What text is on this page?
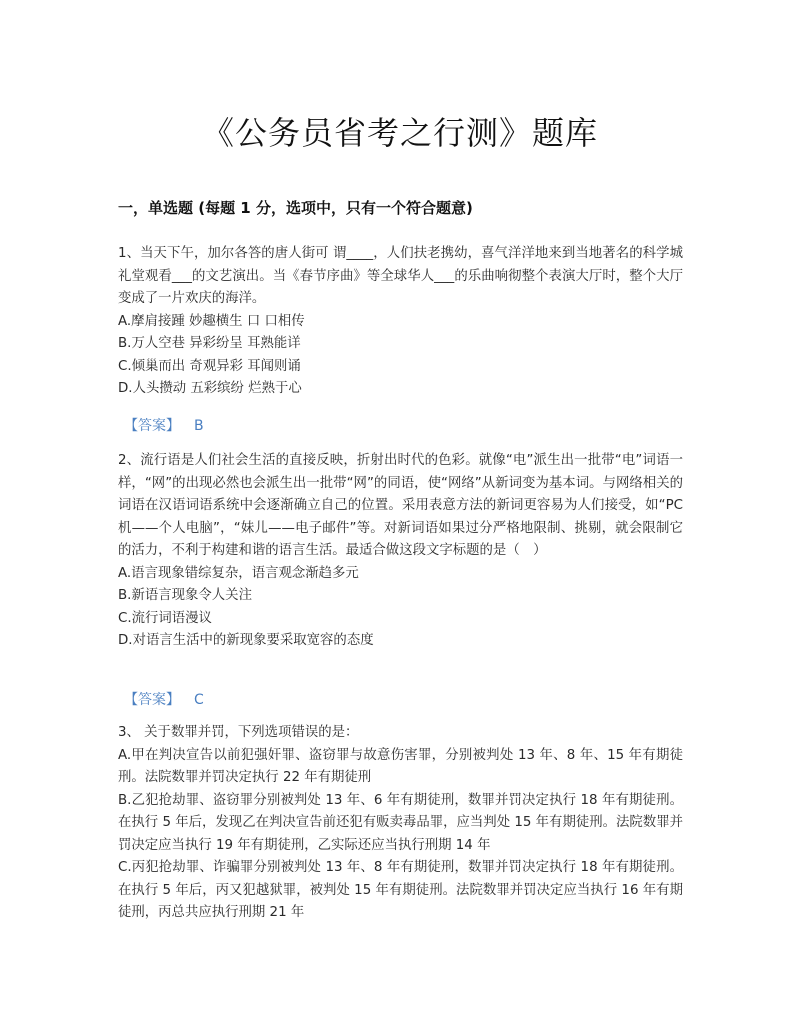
《公务员省考之行测》题库
一，单选题 (每题 1 分，选项中，只有一个符合题意)

1、当天下午，加尔各答的唐人街可 谓____，人们扶老携幼，喜气洋洋地来到当地著名的科学城礼堂观看___的文艺演出。当《春节序曲》等全球华人___的乐曲响彻整个表演大厅时，整个大厅变成了一片欢庆的海洋。

A.摩肩接踵 妙趣横生 口 口相传

B.万人空巷 异彩纷呈 耳熟能详

C.倾巢而出 奇观异彩 耳闻则诵

D.人头攒动 五彩缤纷 烂熟于心

【答案】 B

2、流行语是人们社会生活的直接反映，折射出时代的色彩。就像“电”派生出一批带“电”词语一样，“网”的出现必然也会派生出一批带“网”的同语，使“网络”从新词变为基本词。与网络相关的词语在汉语词语系统中会逐渐确立自己的位置。采用表意方法的新词更容易为人们接受，如“PC 机——个人电脑”，“妹儿——电子邮件”等。对新词语如果过分严格地限制、挑剔，就会限制它的活力，不利于构建和谐的语言生活。最适合做这段文字标题的是（　）

A.语言现象错综复杂，语言观念渐趋多元

B.新语言现象令人关注

C.流行词语漫议

D.对语言生活中的新现象要采取宽容的态度

【答案】 C

3、 关于数罪并罚，下列选项错误的是：

A.甲在判决宣告以前犯强奸罪、盗窃罪与故意伤害罪，分别被判处 13 年、8 年、15 年有期徒刑。法院数罪并罚决定执行 22 年有期徒刑

B.乙犯抢劫罪、盗窃罪分别被判处 13 年、6 年有期徒刑，数罪并罚决定执行 18 年有期徒刑。在执行 5 年后，发现乙在判决宣告前还犯有贩卖毒品罪，应当判处 15 年有期徒刑。法院数罪并罚决定应当执行 19 年有期徒刑，乙实际还应当执行刑期 14 年

C.丙犯抢劫罪、诈骗罪分别被判处 13 年、8 年有期徒刑，数罪并罚决定执行 18 年有期徒刑。在执行 5 年后，丙又犯越狱罪，被判处 15 年有期徒刑。法院数罪并罚决定应当执行 16 年有期徒刑，丙总共应执行刑期 21 年
